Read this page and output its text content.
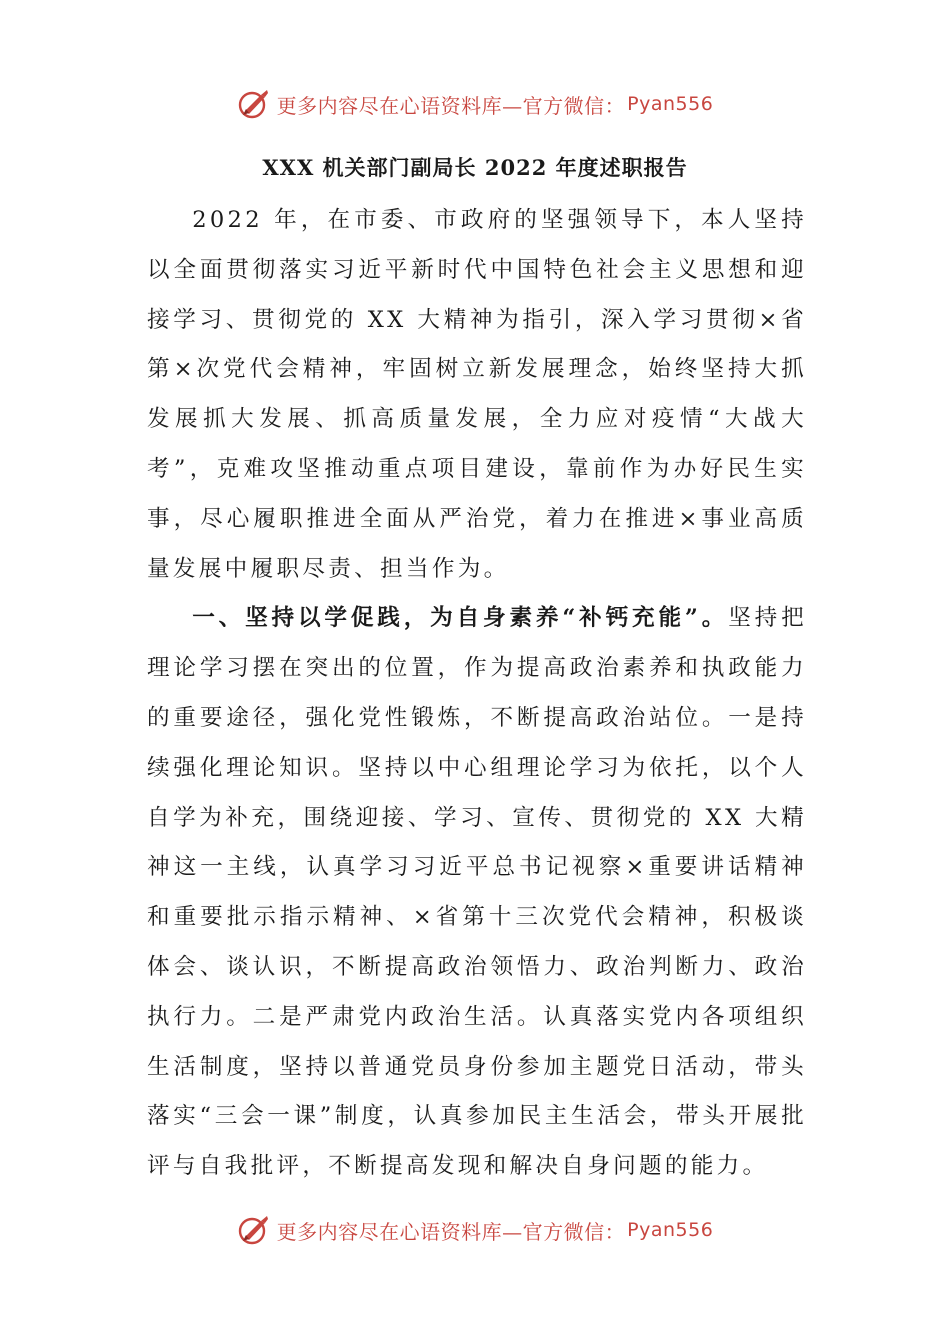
更多内容尽在心语资料库—官方微信： Pyan556
XXX 机关部门副局长 2022 年度述职报告

2022 年，在市委、市政府的坚强领导下，本人坚持以全面贯彻落实习近平新时代中国特色社会主义思想和迎接学习、贯彻党的 XX 大精神为指引，深入学习贯彻×省第×次党代会精神，牢固树立新发展理念，始终坚持大抓发展抓大发展、抓高质量发展，全力应对疫情“大战大考”，克难攻坚推动重点项目建设，靠前作为办好民生实事，尽心履职推进全面从严治党，着力在推进×事业高质量发展中履职尽责、担当作为。

一、坚持以学促践，为自身素养“补钙充能”。坚持把理论学习摆在突出的位置，作为提高政治素养和执政能力的重要途径，强化党性锻炼，不断提高政治站位。一是持续强化理论知识。坚持以中心组理论学习为依托，以个人自学为补充，围绕迎接、学习、宣传、贯彻党的 XX 大精神这一主线，认真学习习近平总书记视察×重要讲话精神和重要批示指示精神、×省第十三次党代会精神，积极谈体会、谈认识，不断提高政治领悟力、政治判断力、政治执行力。二是严肃党内政治生活。认真落实党内各项组织生活制度，坚持以普通党员身份参加主题党日活动，带头落实“三会一课”制度，认真参加民主生活会，带头开展批评与自我批评，不断提高发现和解决自身问题的能力。

更多内容尽在心语资料库—官方微信： Pyan556
